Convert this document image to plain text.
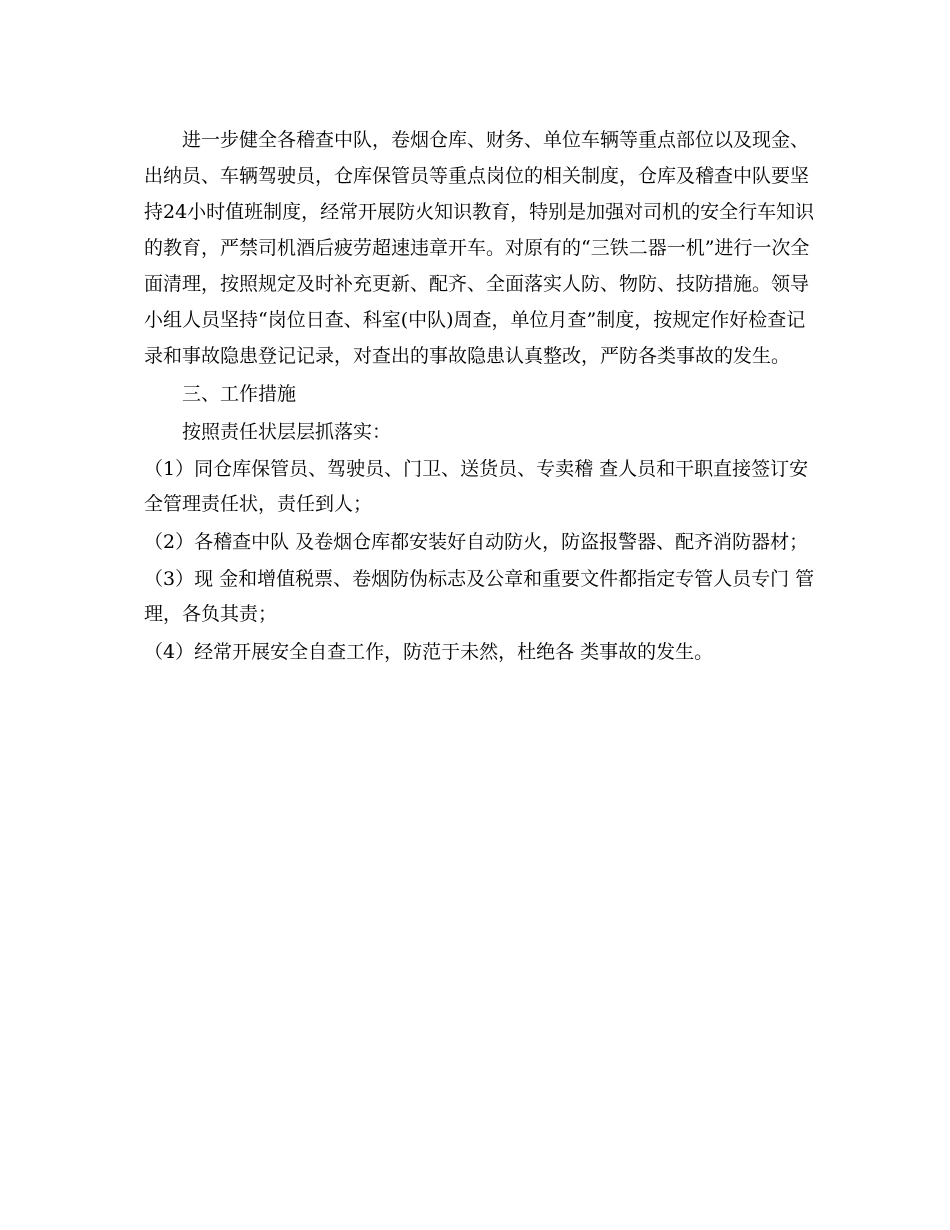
进一步健全各稽查中队，卷烟仓库、财务、单位车辆等重点部位以及现金、
出纳员、车辆驾驶员，仓库保管员等重点岗位的相关制度，仓库及稽查中队要坚
持24小时值班制度，经常开展防火知识教育，特别是加强对司机的安全行车知识
的教育，严禁司机酒后疲劳超速违章开车。对原有的“三铁二器一机”进行一次全
面清理，按照规定及时补充更新、配齐、全面落实人防、物防、技防措施。领导
小组人员坚持“岗位日查、科室(中队)周查，单位月查”制度，按规定作好检查记
录和事故隐患登记记录，对查出的事故隐患认真整改，严防各类事故的发生。
三、工作措施
按照责任状层层抓落实：
（1）同仓库保管员、驾驶员、门卫、送货员、专卖稽 查人员和干职直接签订安
全管理责任状，责任到人；
（2）各稽查中队 及卷烟仓库都安装好自动防火，防盗报警器、配齐消防器材；
（3）现 金和增值税票、卷烟防伪标志及公章和重要文件都指定专管人员专门 管
理，各负其责；
（4）经常开展安全自查工作，防范于未然，杜绝各 类事故的发生。
